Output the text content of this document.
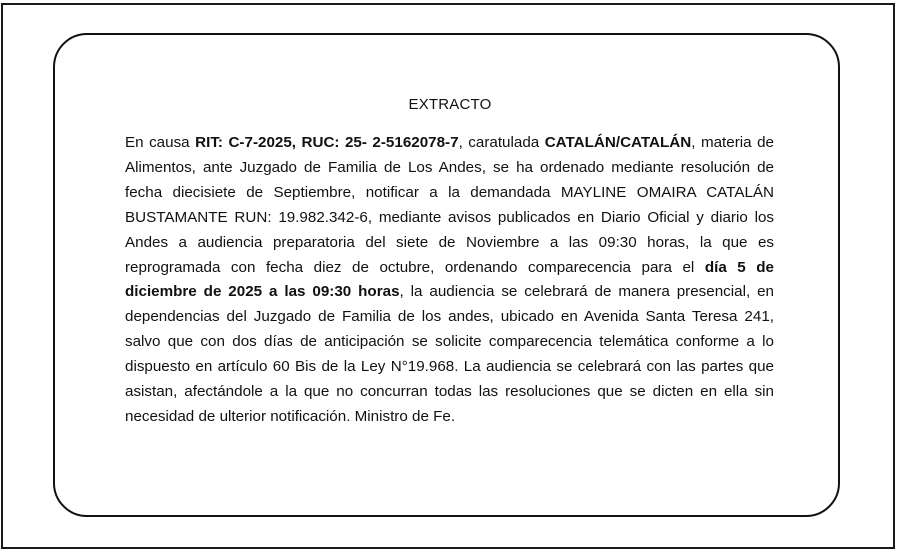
EXTRACTO

En causa RIT: C-7-2025, RUC: 25- 2-5162078-7, caratulada CATALÁN/CATALÁN, materia de Alimentos, ante Juzgado de Familia de Los Andes, se ha ordenado mediante resolución de fecha diecisiete de Septiembre, notificar a la demandada MAYLINE OMAIRA CATALÁN BUSTAMANTE RUN: 19.982.342-6, mediante avisos publicados en Diario Oficial y diario los Andes a audiencia preparatoria del siete de Noviembre a las 09:30 horas, la que es reprogramada con fecha diez de octubre, ordenando comparecencia para el día 5 de diciembre de 2025 a las 09:30 horas, la audiencia se celebrará de manera presencial, en dependencias del Juzgado de Familia de los andes, ubicado en Avenida Santa Teresa 241, salvo que con dos días de anticipación se solicite comparecencia telemática conforme a lo dispuesto en artículo 60 Bis de la Ley N°19.968. La audiencia se celebrará con las partes que asistan, afectándole a la que no concurran todas las resoluciones que se dicten en ella sin necesidad de ulterior notificación. Ministro de Fe.
